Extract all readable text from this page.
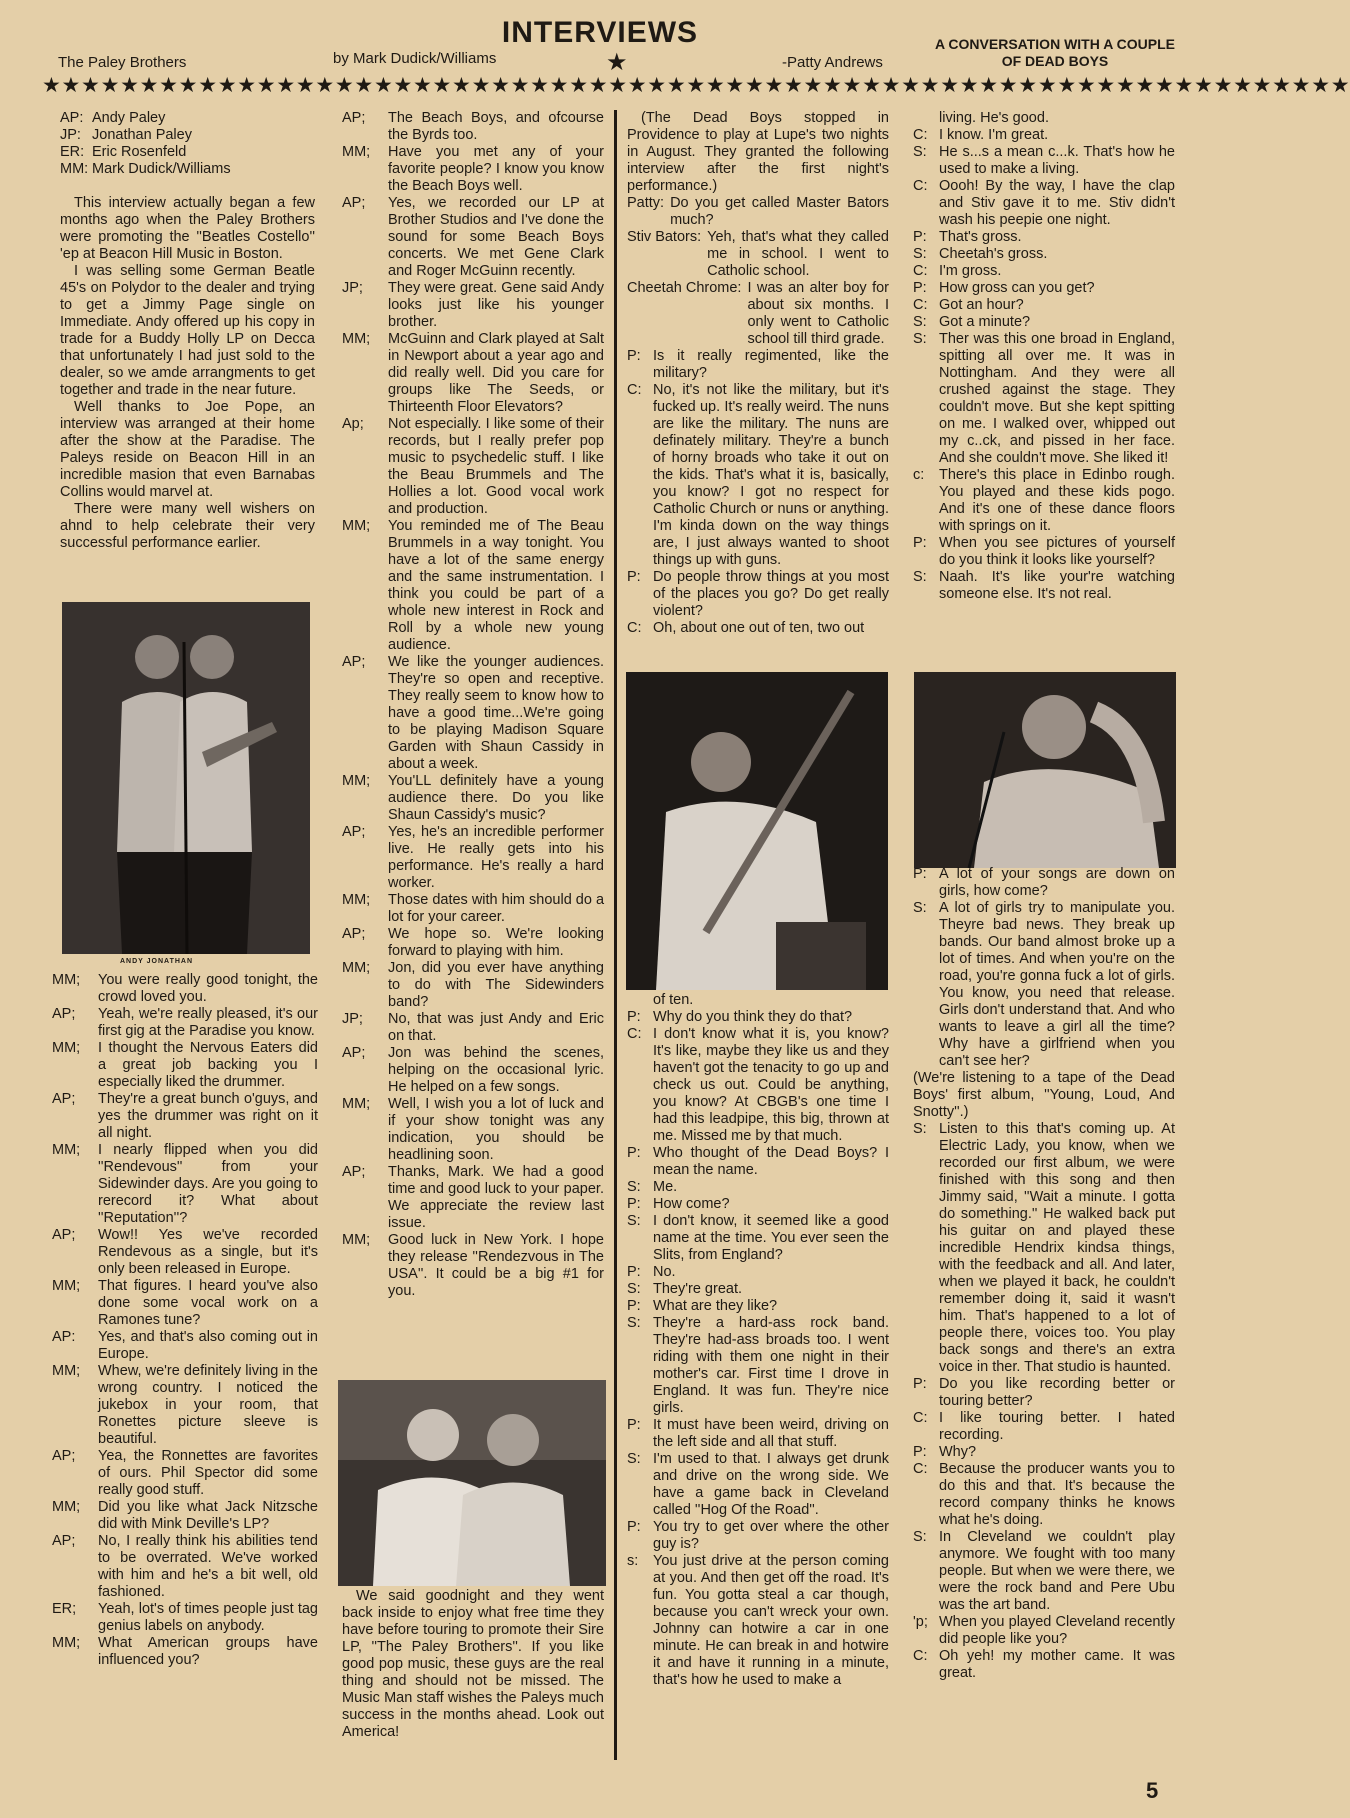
The Paley Brothers	by Mark Dudick/Williams
INTERVIEWS
★	-Patty Andrews
A CONVERSATION WITH A COUPLE OF DEAD BOYS
★★★★★★★★★★★★★★★★★★★★★★★★★★★★★★★★★★★★★★★★★★★★★★★★★★★★★★★★★★★★★★★★★★★
AP: Andy Paley
JP: Jonathan Paley
ER: Eric Rosenfeld
MM: Mark Dudick/Williams
This interview actually began a few months ago when the Paley Brothers were promoting the ''Beatles Costello'' 'ep at Beacon Hill Music in Boston.
I was selling some German Beatle 45's on Polydor to the dealer and trying to get a Jimmy Page single on Immediate. Andy offered up his copy in trade for a Buddy Holly LP on Decca that unfortunately I had just sold to the dealer, so we amde arrangments to get together and trade in the near future.
Well thanks to Joe Pope, an interview was arranged at their home after the show at the Paradise. The Paleys reside on Beacon Hill in an incredible masion that even Barnabas Collins would marvel at.
There were many well wishers on ahnd to help celebrate their very successful performance earlier.
ANDY JONATHAN
MM;	You were really good tonight, the crowd loved you.
AP;	Yeah, we're really pleased, it's our first gig at the Paradise you know.
MM;	I thought the Nervous Eaters did a great job backing you I especially liked the drummer.
AP;	They're a great bunch o'guys, and yes the drummer was right on it all night.
MM;	I nearly flipped when you did ''Rendevous'' from your Sidewinder days. Are you going to rerecord it? What about ''Reputation''?
AP;	Wow!! Yes we've recorded Rendevous as a single, but it's only been released in Europe.
MM;	That figures. I heard you've also done some vocal work on a Ramones tune?
AP:	Yes, and that's also coming out in Europe.
MM;	Whew, we're definitely living in the wrong country. I noticed the jukebox in your room, that Ronettes picture sleeve is beautiful.
AP;	Yea, the Ronnettes are favorites of ours. Phil Spector did some really good stuff.
MM;	Did you like what Jack Nitzsche did with Mink Deville's LP?
AP;	No, I really think his abilities tend to be overrated. We've worked with him and he's a bit well, old fashioned.
ER;	Yeah, lot's of times people just tag genius labels on anybody.
MM;	What American groups have influenced you?
AP;	The Beach Boys, and ofcourse the Byrds too.
MM;	Have you met any of your favorite people? I know you know the Beach Boys well.
AP;	Yes, we recorded our LP at Brother Studios and I've done the sound for some Beach Boys concerts. We met Gene Clark and Roger McGuinn recently.
JP;	They were great. Gene said Andy looks just like his younger brother.
MM;	McGuinn and Clark played at Salt in Newport about a year ago and did really well. Did you care for groups like The Seeds, or Thirteenth Floor Elevators?
Ap;	Not especially. I like some of their records, but I really prefer pop music to psychedelic stuff. I like the Beau Brummels and The Hollies a lot. Good vocal work and production.
MM;	You reminded me of The Beau Brummels in a way tonight. You have a lot of the same energy and the same instrumentation. I think you could be part of a whole new interest in Rock and Roll by a whole new young audience.
AP;	We like the younger audiences. They're so open and receptive. They really seem to know how to have a good time...We're going to be playing Madison Square Garden with Shaun Cassidy in about a week.
MM;	You'LL definitely have a young audience there. Do you like Shaun Cassidy's music?
AP;	Yes, he's an incredible performer live. He really gets into his performance. He's really a hard worker.
MM;	Those dates with him should do a lot for your career.
AP;	We hope so. We're looking forward to playing with him.
MM;	Jon, did you ever have anything to do with The Sidewinders band?
JP;	No, that was just Andy and Eric on that.
AP;	Jon was behind the scenes, helping on the occasional lyric. He helped on a few songs.
MM;	Well, I wish you a lot of luck and if your show tonight was any indication, you should be headlining soon.
AP;	Thanks, Mark. We had a good time and good luck to your paper. We appreciate the review last issue.
MM;	Good luck in New York. I hope they release ''Rendezvous in The USA''. It could be a big #1 for you.
We said goodnight and they went back inside to enjoy what free time they have before touring to promote their Sire LP, ''The Paley Brothers''. If you like good pop music, these guys are the real thing and should not be missed. The Music Man staff wishes the Paleys much success in the months ahead. Look out America!
(The Dead Boys stopped in Providence to play at Lupe's two nights in August. They granted the following interview after the first night's performance.)
Patty: Do you get called Master Bators much?
Stiv Bators: Yeh, that's what they called me in school. I went to Catholic school.
Cheetah Chrome: I was an alter boy for about six months. I only went to Catholic school till third grade.
P: Is it really regimented, like the military?
C: No, it's not like the military, but it's fucked up. It's really weird. The nuns are like the military. The nuns are definately military. They're a bunch of horny broads who take it out on the kids. That's what it is, basically, you know? I got no respect for Catholic Church or nuns or anything. I'm kinda down on the way things are, I just always wanted to shoot things up with guns.
P: Do people throw things at you most of the places you go? Do get really violent?
C: Oh, about one out of ten, two out
of ten.
P: Why do you think they do that?
C: I don't know what it is, you know? It's like, maybe they like us and they haven't got the tenacity to go up and check us out. Could be anything, you know? At CBGB's one time I had this leadpipe, this big, thrown at me. Missed me by that much.
P: Who thought of the Dead Boys? I mean the name.
S: Me.
P: How come?
S: I don't know, it seemed like a good name at the time. You ever seen the Slits, from England?
P: No.
S: They're great.
P: What are they like?
S: They're a hard-ass rock band. They're had-ass broads too. I went riding with them one night in their mother's car. First time I drove in England. It was fun. They're nice girls.
P: It must have been weird, driving on the left side and all that stuff.
S: I'm used to that. I always get drunk and drive on the wrong side. We have a game back in Cleveland called ''Hog Of the Road''.
P: You try to get over where the other guy is?
s:	You just drive at the person coming at you. And then get off the road. It's fun. You gotta steal a car though, because you can't wreck your own. Johnny can hotwire a car in one minute. He can break in and hotwire it and have it running in a minute, that's how he used to make a
living. He's good.
C: I know. I'm great.
S: He s...s a mean c...k. That's how he used to make a living.
C: Oooh! By the way, I have the clap and Stiv gave it to me. Stiv didn't wash his peepie one night.
P: That's gross.
S: Cheetah's gross.
C: I'm gross.
P: How gross can you get?
C: Got an hour?
S: Got a minute?
S: Ther was this one broad in England, spitting all over me. It was in Nottingham. And they were all crushed against the stage. They couldn't move. But she kept spitting on me. I walked over, whipped out my c..ck, and pissed in her face. And she couldn't move. She liked it!
c:	There's this place in Edinbo rough. You played and these kids pogo. And it's one of these dance floors with springs on it.
P: When you see pictures of yourself do you think it looks like yourself?
S: Naah. It's like your're watching someone else. It's not real.
P: A lot of your songs are down on girls, how come?
S: A lot of girls try to manipulate you. Theyre bad news. They break up bands. Our band almost broke up a lot of times. And when you're on the road, you're gonna fuck a lot of girls. You know, you need that release. Girls don't understand that. And who wants to leave a girl all the time? Why have a girlfriend when you can't see her?
(We're listening to a tape of the Dead Boys' first album, ''Young, Loud, And Snotty''.)
S: Listen to this that's coming up. At Electric Lady, you know, when we recorded our first album, we were finished with this song and then Jimmy said, ''Wait a minute. I gotta do something.'' He walked back put his guitar on and played these incredible Hendrix kindsa things, with the feedback and all. And later, when we played it back, he couldn't remember doing it, said it wasn't him. That's happened to a lot of people there, voices too. You play back songs and there's an extra voice in ther. That studio is haunted.
P: Do you like recording better or touring better?
C: I like touring better. I hated recording.
P: Why?
C: Because the producer wants you to do this and that. It's because the record company thinks he knows what he's doing.
S: In Cleveland we couldn't play anymore. We fought with too many people. But when we were there, we were the rock band and Pere Ubu was the art band.
'p; When you played Cleveland recently did people like you?
C: Oh yeh! my mother came. It was great.
5
